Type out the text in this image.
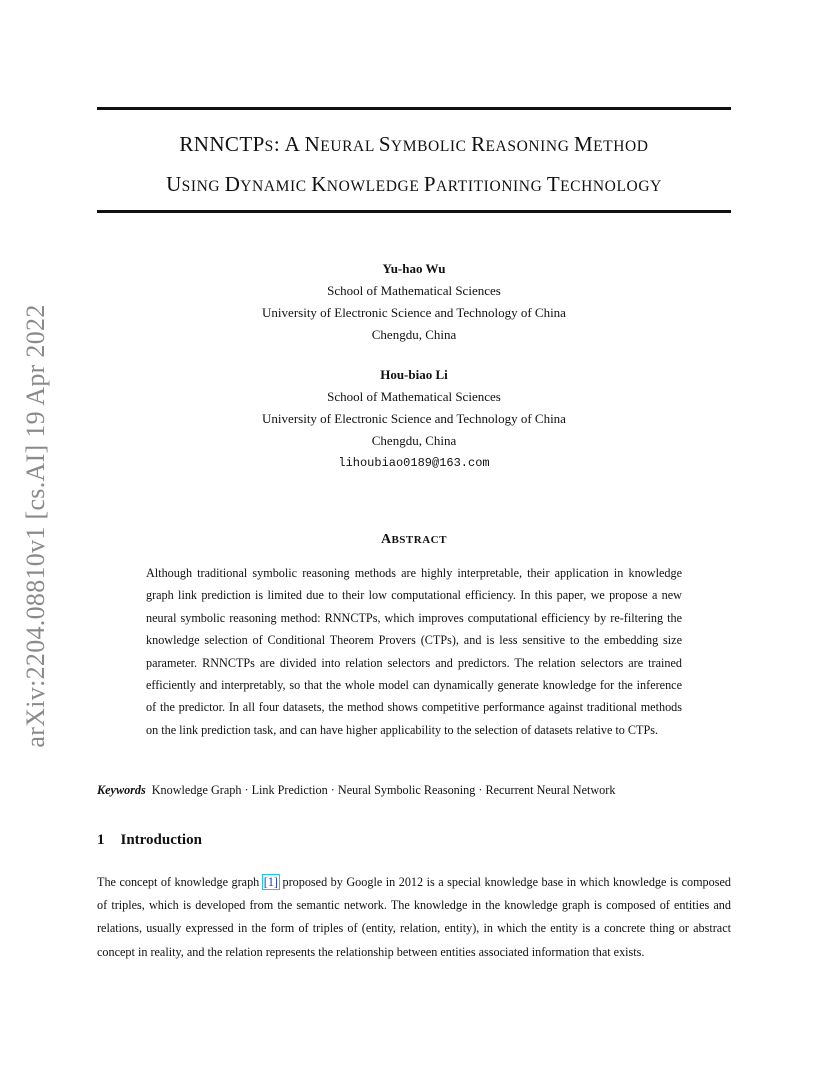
arXiv:2204.08810v1 [cs.AI] 19 Apr 2022
RNNCTPS: A NEURAL SYMBOLIC REASONING METHOD
USING DYNAMIC KNOWLEDGE PARTITIONING TECHNOLOGY
Yu-hao Wu
School of Mathematical Sciences
University of Electronic Science and Technology of China
Chengdu, China
Hou-biao Li
School of Mathematical Sciences
University of Electronic Science and Technology of China
Chengdu, China
lihoubiao0189@163.com
ABSTRACT

Although traditional symbolic reasoning methods are highly interpretable, their application in knowledge graph link prediction is limited due to their low computational efficiency. In this paper, we propose a new neural symbolic reasoning method: RNNCTPs, which improves computational efficiency by re-filtering the knowledge selection of Conditional Theorem Provers (CTPs), and is less sensitive to the embedding size parameter. RNNCTPs are divided into relation selectors and predictors. The relation selectors are trained efficiently and interpretably, so that the whole model can dynamically generate knowledge for the inference of the predictor. In all four datasets, the method shows competitive performance against traditional methods on the link prediction task, and can have higher applicability to the selection of datasets relative to CTPs.

Keywords Knowledge Graph · Link Prediction · Neural Symbolic Reasoning · Recurrent Neural Network
1 Introduction

The concept of knowledge graph [1] proposed by Google in 2012 is a special knowledge base in which knowledge is composed of triples, which is developed from the semantic network. The knowledge in the knowledge graph is composed of entities and relations, usually expressed in the form of triples of (entity, relation, entity), in which the entity is a concrete thing or abstract concept in reality, and the relation represents the relationship between entities associated information that exists.
